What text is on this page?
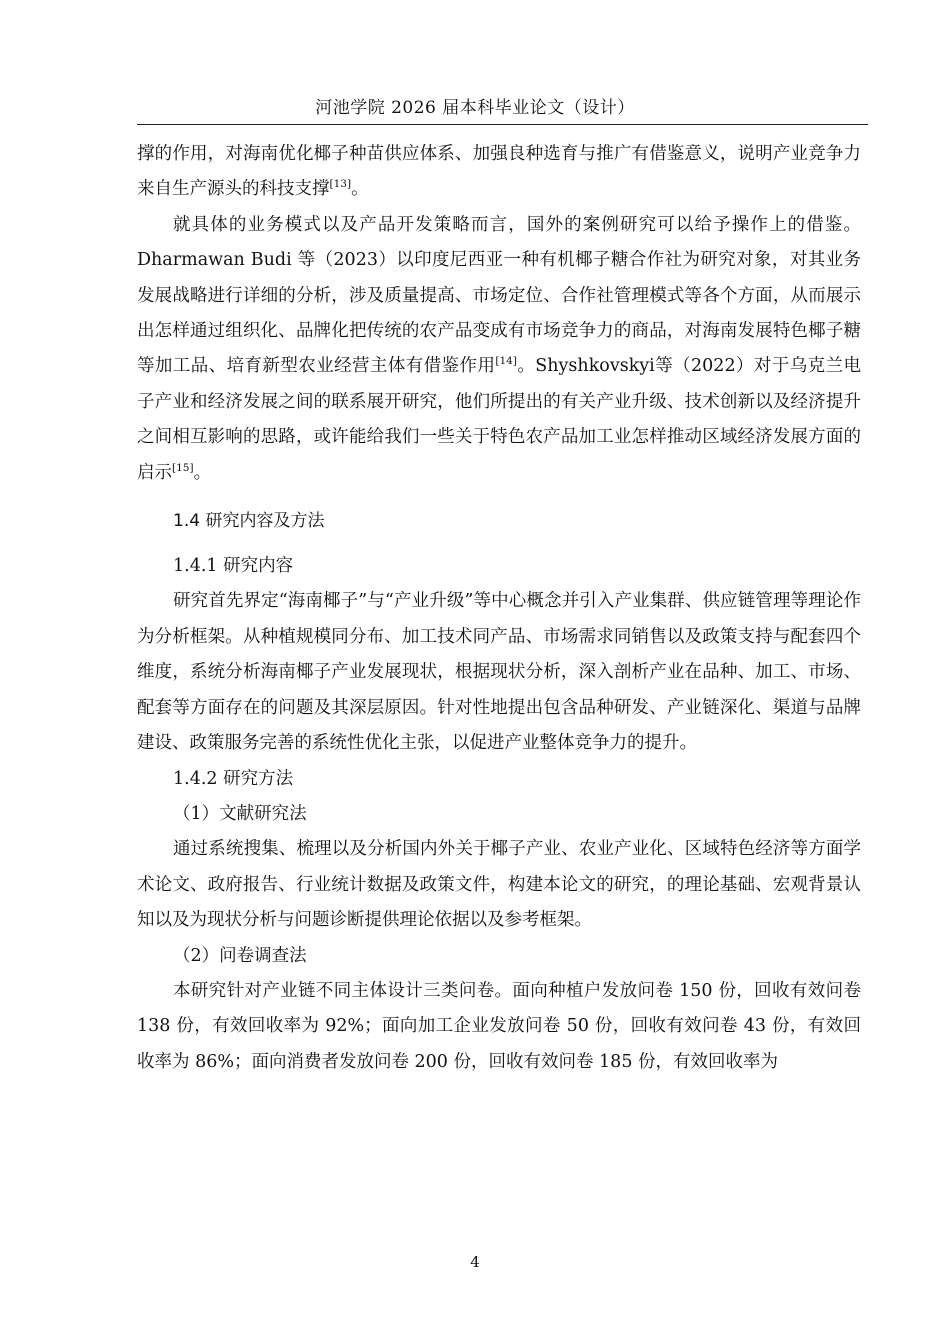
河池学院 2026 届本科毕业论文（设计）

撑的作用，对海南优化椰子种苗供应体系、加强良种选育与推广有借鉴意义，说明产业竞争力来自生产源头的科技支撑[13]。

就具体的业务模式以及产品开发策略而言，国外的案例研究可以给予操作上的借鉴。Dharmawan Budi 等（2023）以印度尼西亚一种有机椰子糖合作社为研究对象，对其业务发展战略进行详细的分析，涉及质量提高、市场定位、合作社管理模式等各个方面，从而展示出怎样通过组织化、品牌化把传统的农产品变成有市场竞争力的商品，对海南发展特色椰子糖等加工品、培育新型农业经营主体有借鉴作用[14]。Shyshkovskyi等（2022）对于乌克兰电子产业和经济发展之间的联系展开研究，他们所提出的有关产业升级、技术创新以及经济提升之间相互影响的思路，或许能给我们一些关于特色农产品加工业怎样推动区域经济发展方面的启示[15]。

1.4 研究内容及方法
1.4.1 研究内容

研究首先界定“海南椰子”与“产业升级”等中心概念并引入产业集群、供应链管理等理论作为分析框架。从种植规模同分布、加工技术同产品、市场需求同销售以及政策支持与配套四个维度，系统分析海南椰子产业发展现状，根据现状分析，深入剖析产业在品种、加工、市场、配套等方面存在的问题及其深层原因。针对性地提出包含品种研发、产业链深化、渠道与品牌建设、政策服务完善的系统性优化主张，以促进产业整体竞争力的提升。

1.4.2 研究方法
（1）文献研究法

通过系统搜集、梳理以及分析国内外关于椰子产业、农业产业化、区域特色经济等方面学术论文、政府报告、行业统计数据及政策文件，构建本论文的研究，的理论基础、宏观背景认知以及为现状分析与问题诊断提供理论依据以及参考框架。

（2）问卷调查法

本研究针对产业链不同主体设计三类问卷。面向种植户发放问卷 150 份，回收有效问卷 138 份，有效回收率为 92%；面向加工企业发放问卷 50 份，回收有效问卷 43 份，有效回收率为 86%；面向消费者发放问卷 200 份，回收有效问卷 185 份，有效回收率为

4
